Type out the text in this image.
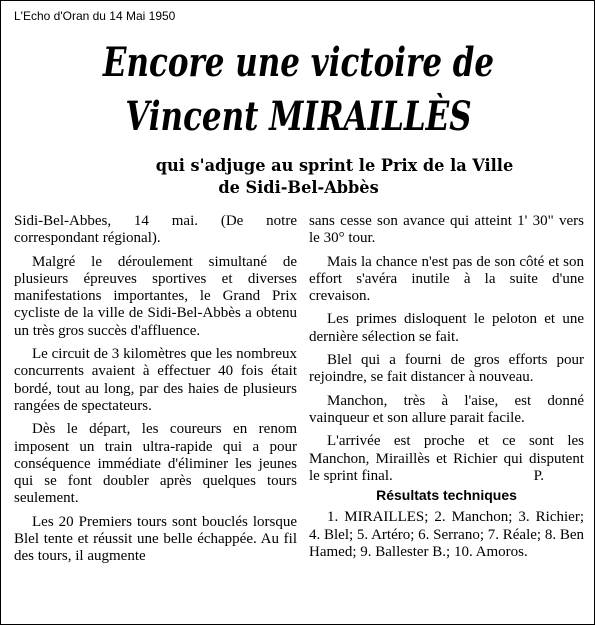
L'Echo d'Oran du 14 Mai 1950
Encore une victoire de
Vincent MIRAILLÈS
qui s'adjuge au sprint le Prix de la Ville
de Sidi-Bel-Abbès

Sidi-Bel-Abbes, 14 mai. (De notre correspondant régional).

Malgré le déroulement simultané de plusieurs épreuves sportives et diverses manifestations importantes, le Grand Prix cycliste de la ville de Sidi-Bel-Abbès a obtenu un très gros succès d'affluence.

Le circuit de 3 kilomètres que les nombreux concurrents avaient à effectuer 40 fois était bordé, tout au long, par des haies de plusieurs rangées de spectateurs.

Dès le départ, les coureurs en renom imposent un train ultra-rapide qui a pour conséquence immédiate d'éliminer les jeunes qui se font doubler après quelques tours seulement.

Les 20 Premiers tours sont bouclés lorsque Blel tente et réussit une belle échappée. Au fil des tours, il augmente

sans cesse son avance qui atteint 1' 30" vers le 30° tour.

Mais la chance n'est pas de son côté et son effort s'avéra inutile à la suite d'une crevaison.

Les primes disloquent le peloton et une dernière sélection se fait.

Blel qui a fourni de gros efforts pour rejoindre, se fait distancer à nouveau.

Manchon, très à l'aise, est donné vainqueur et son allure parait facile.

L'arrivée est proche et ce sont les Manchon, Miraillès et Richier qui disputent le sprint final.	P.

Résultats techniques

1. MIRAILLES; 2. Manchon; 3. Richier; 4. Blel; 5. Artéro; 6. Serrano; 7. Réale; 8. Ben Hamed; 9. Ballester B.; 10. Amoros.
